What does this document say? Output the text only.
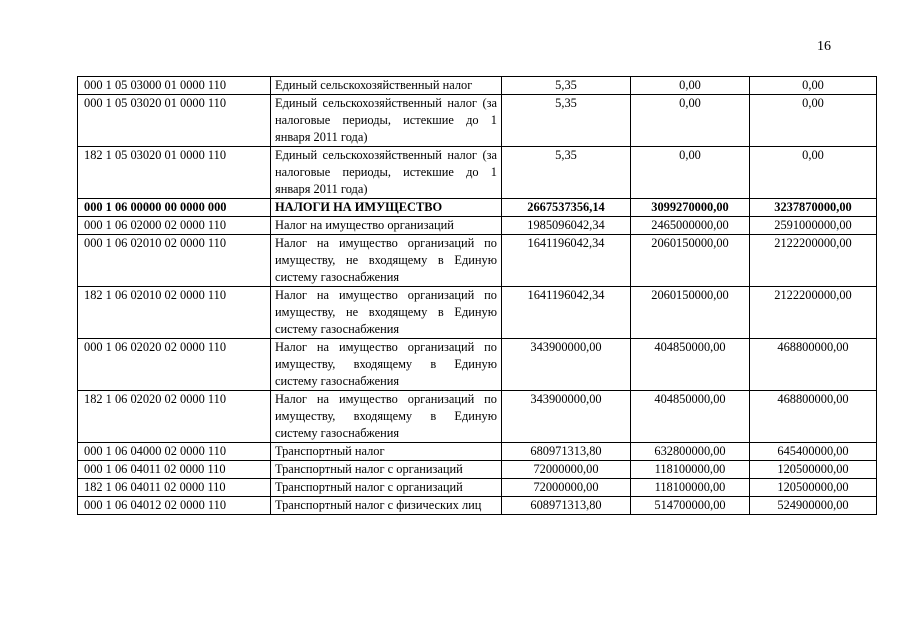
16
000 1 05 03000 01 0000 110	Единый сельскохозяйственный налог	5,35	0,00	0,00
000 1 05 03020 01 0000 110	Единый сельскохозяйственный налог (за налоговые периоды, истекшие до 1 января 2011 года)	5,35	0,00	0,00
182 1 05 03020 01 0000 110	Единый сельскохозяйственный налог (за налоговые периоды, истекшие до 1 января 2011 года)	5,35	0,00	0,00
000 1 06 00000 00 0000 000	НАЛОГИ НА ИМУЩЕСТВО	2667537356,14	3099270000,00	3237870000,00
000 1 06 02000 02 0000 110	Налог на имущество организаций	1985096042,34	2465000000,00	2591000000,00
000 1 06 02010 02 0000 110	Налог на имущество организаций по имуществу, не входящему в Единую систему газоснабжения	1641196042,34	2060150000,00	2122200000,00
182 1 06 02010 02 0000 110	Налог на имущество организаций по имуществу, не входящему в Единую систему газоснабжения	1641196042,34	2060150000,00	2122200000,00
000 1 06 02020 02 0000 110	Налог на имущество организаций по имуществу, входящему в Единую систему газоснабжения	343900000,00	404850000,00	468800000,00
182 1 06 02020 02 0000 110	Налог на имущество организаций по имуществу, входящему в Единую систему газоснабжения	343900000,00	404850000,00	468800000,00
000 1 06 04000 02 0000 110	Транспортный налог	680971313,80	632800000,00	645400000,00
000 1 06 04011 02 0000 110	Транспортный налог с организаций	72000000,00	118100000,00	120500000,00
182 1 06 04011 02 0000 110	Транспортный налог с организаций	72000000,00	118100000,00	120500000,00
000 1 06 04012 02 0000 110	Транспортный налог с физических лиц	608971313,80	514700000,00	524900000,00
